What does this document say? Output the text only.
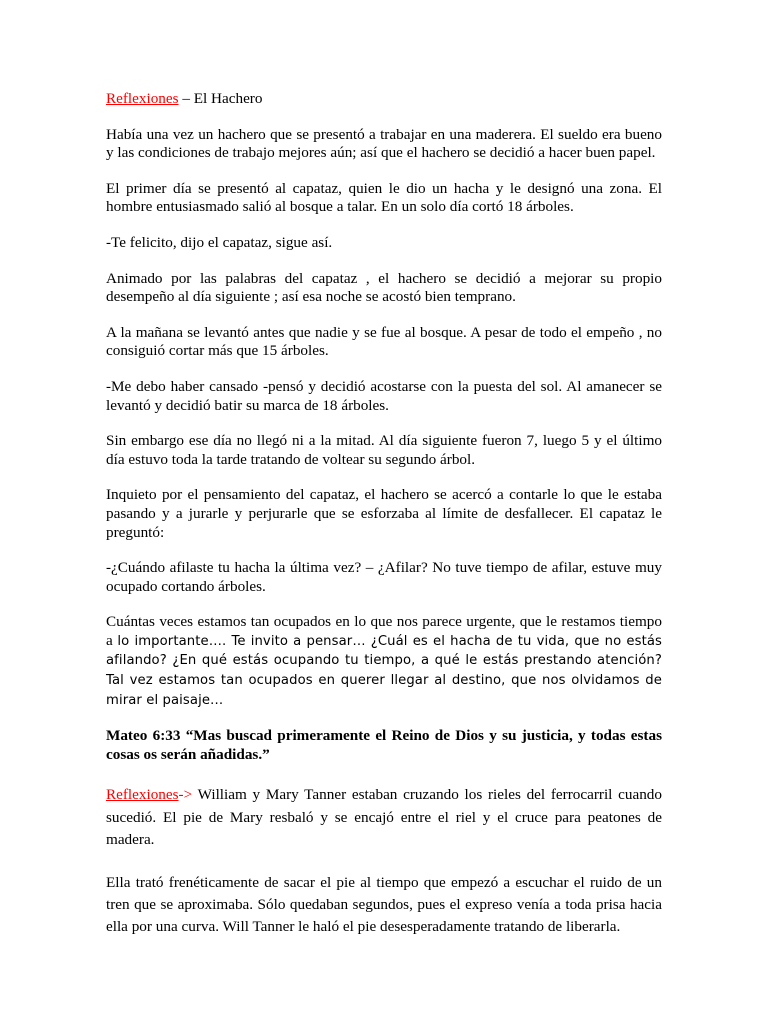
Reflexiones – El Hachero

Había una vez un hachero que se presentó a trabajar en una maderera. El sueldo era bueno y las condiciones de trabajo mejores aún; así que el hachero se decidió a hacer buen papel.

El primer día se presentó al capataz, quien le dio un hacha y le designó una zona. El hombre entusiasmado salió al bosque a talar. En un solo día cortó 18 árboles.

-Te felicito, dijo el capataz, sigue así.

Animado por las palabras del capataz , el hachero se decidió a mejorar su propio desempeño al día siguiente ; así esa noche se acostó bien temprano.

A la mañana se levantó antes que nadie y se fue al bosque. A pesar de todo el empeño , no consiguió cortar más que 15 árboles.

-Me debo haber cansado -pensó y decidió acostarse con la puesta del sol. Al amanecer se levantó y decidió batir su marca de 18 árboles.

Sin embargo ese día no llegó ni a la mitad. Al día siguiente fueron 7, luego 5 y el último día estuvo toda la tarde tratando de voltear su segundo árbol.

Inquieto por el pensamiento del capataz, el hachero se acercó a contarle lo que le estaba pasando y a jurarle y perjurarle que se esforzaba al límite de desfallecer. El capataz le preguntó:

-¿Cuándo afilaste tu hacha la última vez? – ¿Afilar? No tuve tiempo de afilar, estuve muy ocupado cortando árboles.

Cuántas veces estamos tan ocupados en lo que nos parece urgente, que le restamos tiempo a lo importante…. Te invito a pensar… ¿Cuál es el hacha de tu vida, que no estás afilando? ¿En qué estás ocupando tu tiempo, a qué le estás prestando atención? Tal vez estamos tan ocupados en querer llegar al destino, que nos olvidamos de mirar el paisaje…

Mateo 6:33 “Mas buscad primeramente el Reino de Dios y su justicia, y todas estas cosas os serán añadidas.”

Reflexiones-> William y Mary Tanner estaban cruzando los rieles del ferrocarril cuando sucedió. El pie de Mary resbaló y se encajó entre el riel y el cruce para peatones de madera.

Ella trató frenéticamente de sacar el pie al tiempo que empezó a escuchar el ruido de un tren que se aproximaba. Sólo quedaban segundos, pues el expreso venía a toda prisa hacia ella por una curva. Will Tanner le haló el pie desesperadamente tratando de liberarla.
